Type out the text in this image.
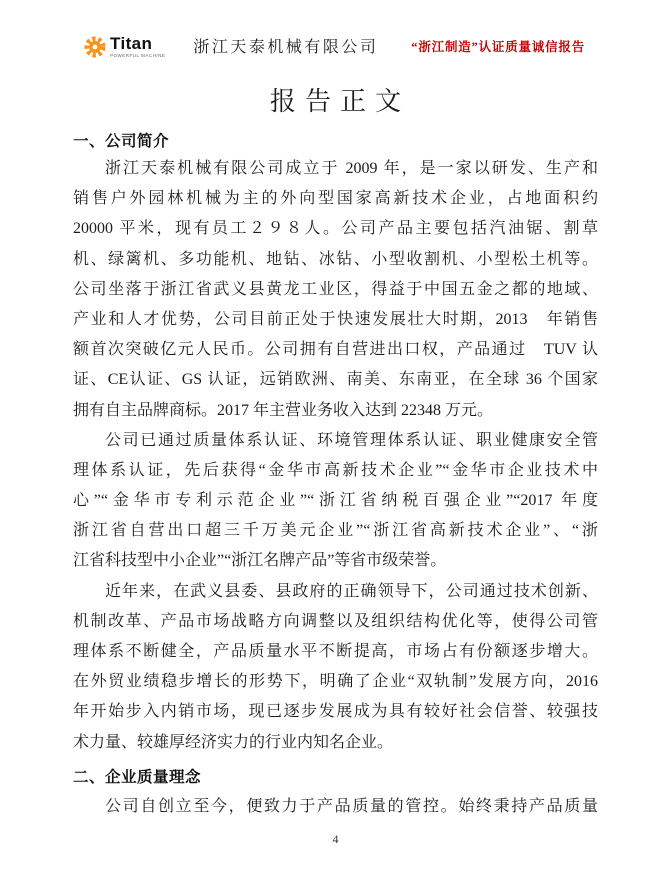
Titan
POWERFUL MACHINE 浙江天泰机械有限公司	“浙江制造”认证质量诚信报告
报告正文
一、公司简介
浙江天泰机械有限公司成立于 2009 年，是一家以研发、生产和
销售户外园林机械为主的外向型国家高新技术企业，占地面积约
20000 平米，现有员工２９８人。公司产品主要包括汽油锯、割草
机、绿篱机、多功能机、地钻、冰钻、小型收割机、小型松土机等。
公司坐落于浙江省武义县黄龙工业区，得益于中国五金之都的地域、
产业和人才优势，公司目前正处于快速发展壮大时期，2013　年销售
额首次突破亿元人民币。公司拥有自营进出口权，产品通过　TUV 认
证、CE认证、GS 认证，远销欧洲、南美、东南亚，在全球 36 个国家
拥有自主品牌商标。2017 年主营业务收入达到 22348 万元。
公司已通过质量体系认证、环境管理体系认证、职业健康安全管
理体系认证，先后获得“金华市高新技术企业”“金华市企业技术中
心”“金华市专利示范企业”“浙江省纳税百强企业”“2017 年度
浙江省自营出口超三千万美元企业”“浙江省高新技术企业”、“浙
江省科技型中小企业”“浙江名牌产品”等省市级荣誉。
近年来，在武义县委、县政府的正确领导下，公司通过技术创新、
机制改革、产品市场战略方向调整以及组织结构优化等，使得公司管
理体系不断健全，产品质量水平不断提高，市场占有份额逐步增大。
在外贸业绩稳步增长的形势下，明确了企业“双轨制”发展方向，2016
年开始步入内销市场，现已逐步发展成为具有较好社会信誉、较强技
术力量、较雄厚经济实力的行业内知名企业。
二、企业质量理念
公司自创立至今，便致力于产品质量的管控。始终秉持产品质量
4
